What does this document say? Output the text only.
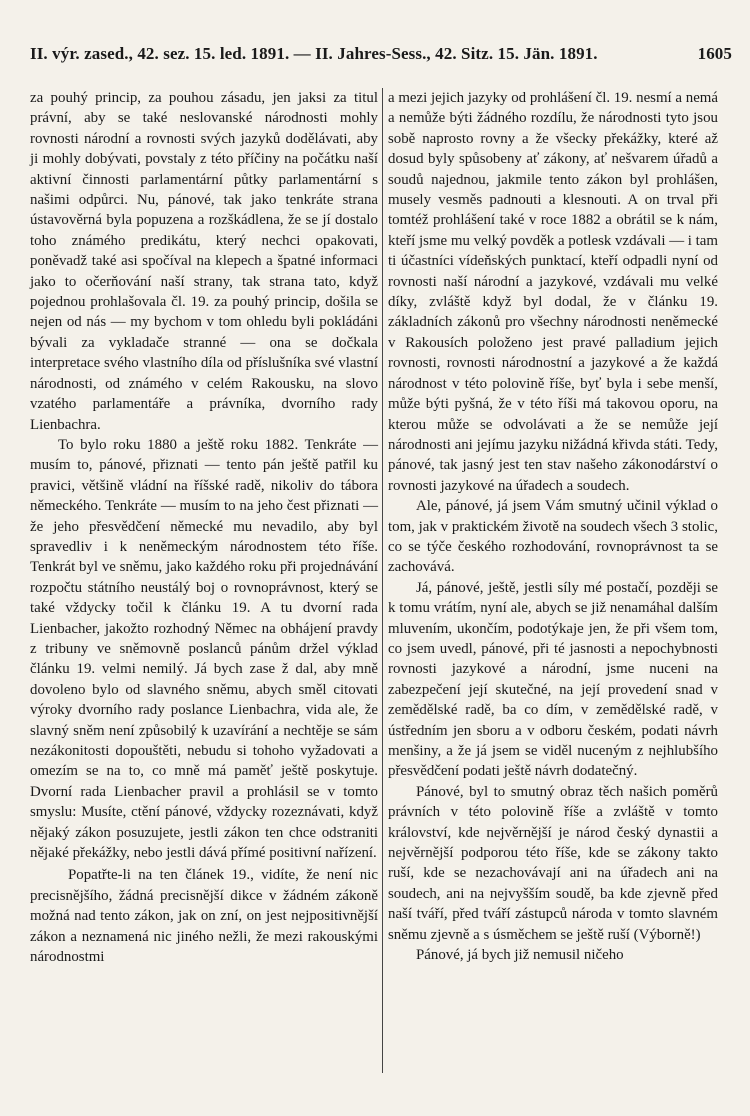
II. výr. zased., 42. sez. 15. led. 1891. — II. Jahres-Sess., 42. Sitz. 15. Jän. 1891.	1605

za pouhý princip, za pouhou zásadu, jen jaksi za titul právní, aby se také neslovanské národnosti mohly rovnosti národní a rovnosti svých jazyků dodělávati, aby ji mohly dobývati, povstaly z této příčiny na počátku naší aktivní činnosti parlamentární půtky parlamentární s našimi odpůrci. Nu, pánové, tak jako tenkráte strana ústavověrná byla popuzena a rozškádlena, že se jí dostalo toho známého predikátu, který nechci opakovati, poněvadž také asi spočíval na klepech a špatné informaci jako to očerňování naší strany, tak strana tato, když pojednou prohlašovala čl. 19. za pouhý princip, došila se nejen od nás — my bychom v tom ohledu byli pokládáni bývali za vykladače stranné — ona se dočkala interpretace svého vlastního díla od příslušníka své vlastní národnosti, od známého v celém Rakousku, na slovo vzatého parlamentáře a právníka, dvorního rady Lienbachra.

To bylo roku 1880 a ještě roku 1882. Tenkráte — musím to, pánové, přiznati — tento pán ještě patřil ku pravici, většině vládní na říšské radě, nikoliv do tábora německého. Tenkráte — musím to na jeho čest přiznati — že jeho přesvědčení německé mu nevadilo, aby byl spravedliv i k neněmeckým národnostem této říše. Tenkrát byl ve sněmu, jako každého roku při projednávání rozpočtu státního neustálý boj o rovnoprávnost, který se také vždycky točil k článku 19. A tu dvorní rada Lienbacher, jakožto rozhodný Němec na obhájení pravdy z tribuny ve sněmovně poslanců pánům držel výklad článku 19. velmi nemilý. Já bych zase ž dal, aby mně dovoleno bylo od slavného sněmu, abych směl citovati výroky dvorního rady poslance Lienbachra, vida ale, že slavný sněm není způsobilý k uzavírání a nechtěje se sám nezákonitosti dopouštěti, nebudu si tohoho vyžadovati a omezím se na to, co mně má paměť ještě poskytuje. Dvorní rada Lienbacher pravil a prohlásil se v tomto smyslu: Musíte, ctění pánové, vždycky rozeznávati, když nějaký zákon posuzujete, jestli zákon ten chce odstraniti nějaké překážky, nebo jestli dává přímé positivní nařízení.

Popatřte-li na ten článek 19., vidíte, že není nic precisnějšího, žádná precisnější dikce v žádném zákoně možná nad tento zákon, jak on zní, on jest nejpositivnější zákon a neznamená nic jiného nežli, že mezi rakouskými národnostmi

a mezi jejich jazyky od prohlášení čl. 19. nesmí a nemá a nemůže býti žádného rozdílu, že národnosti tyto jsou sobě naprosto rovny a že všecky překážky, které až dosud byly spůsobeny ať zákony, ať nešvarem úřadů a soudů najednou, jakmile tento zákon byl prohlášen, musely vesměs padnouti a klesnouti. A on trval při tomtéž prohlášení také v roce 1882 a obrátil se k nám, kteří jsme mu velký povděk a potlesk vzdávali — i tam ti účastníci vídeňských punktací, kteří odpadli nyní od rovnosti naší národní a jazykové, vzdávali mu velké díky, zvláště když byl dodal, že v článku 19. základních zákonů pro všechny národnosti neněmecké v Rakousích položeno jest pravé palladium jejich rovnosti, rovnosti národnostní a jazykové a že každá národnost v této polovině říše, byť byla i sebe menší, může býti pyšná, že v této říši má takovou oporu, na kterou může se odvolávati a že se nemůže její národnosti ani jejímu jazyku nižádná křivda státi. Tedy, pánové, tak jasný jest ten stav našeho zákonodárství o rovnosti jazykové na úřadech a soudech.

Ale, pánové, já jsem Vám smutný učinil výklad o tom, jak v praktickém životě na soudech všech 3 stolic, co se týče českého rozhodování, rovnoprávnost ta se zachovává.

Já, pánové, ještě, jestli síly mé postačí, později se k tomu vrátím, nyní ale, abych se již nenamáhal dalším mluvením, ukončím, podotýkaje jen, že při všem tom, co jsem uvedl, pánové, při té jasnosti a nepochybnosti rovnosti jazykové a národní, jsme nuceni na zabezpečení její skutečné, na její provedení snad v zemědělské radě, ba co dím, v zemědělské radě, v ústředním jen sboru a v odboru českém, podati návrh menšiny, a že já jsem se viděl nuceným z nejhlubšího přesvědčení podati ještě návrh dodatečný.

Pánové, byl to smutný obraz těch našich poměrů právních v této polovině říše a zvláště v tomto království, kde nejvěrnější je národ český dynastii a nejvěrnější podporou této říše, kde se zákony takto ruší, kde se nezachovávají ani na úřadech ani na soudech, ani na nejvyšším soudě, ba kde zjevně před naší tváří, před tváří zástupců národa v tomto slavném sněmu zjevně a s úsměchem se ještě ruší (Výborně!)

Pánové, já bych již nemusil ničeho
